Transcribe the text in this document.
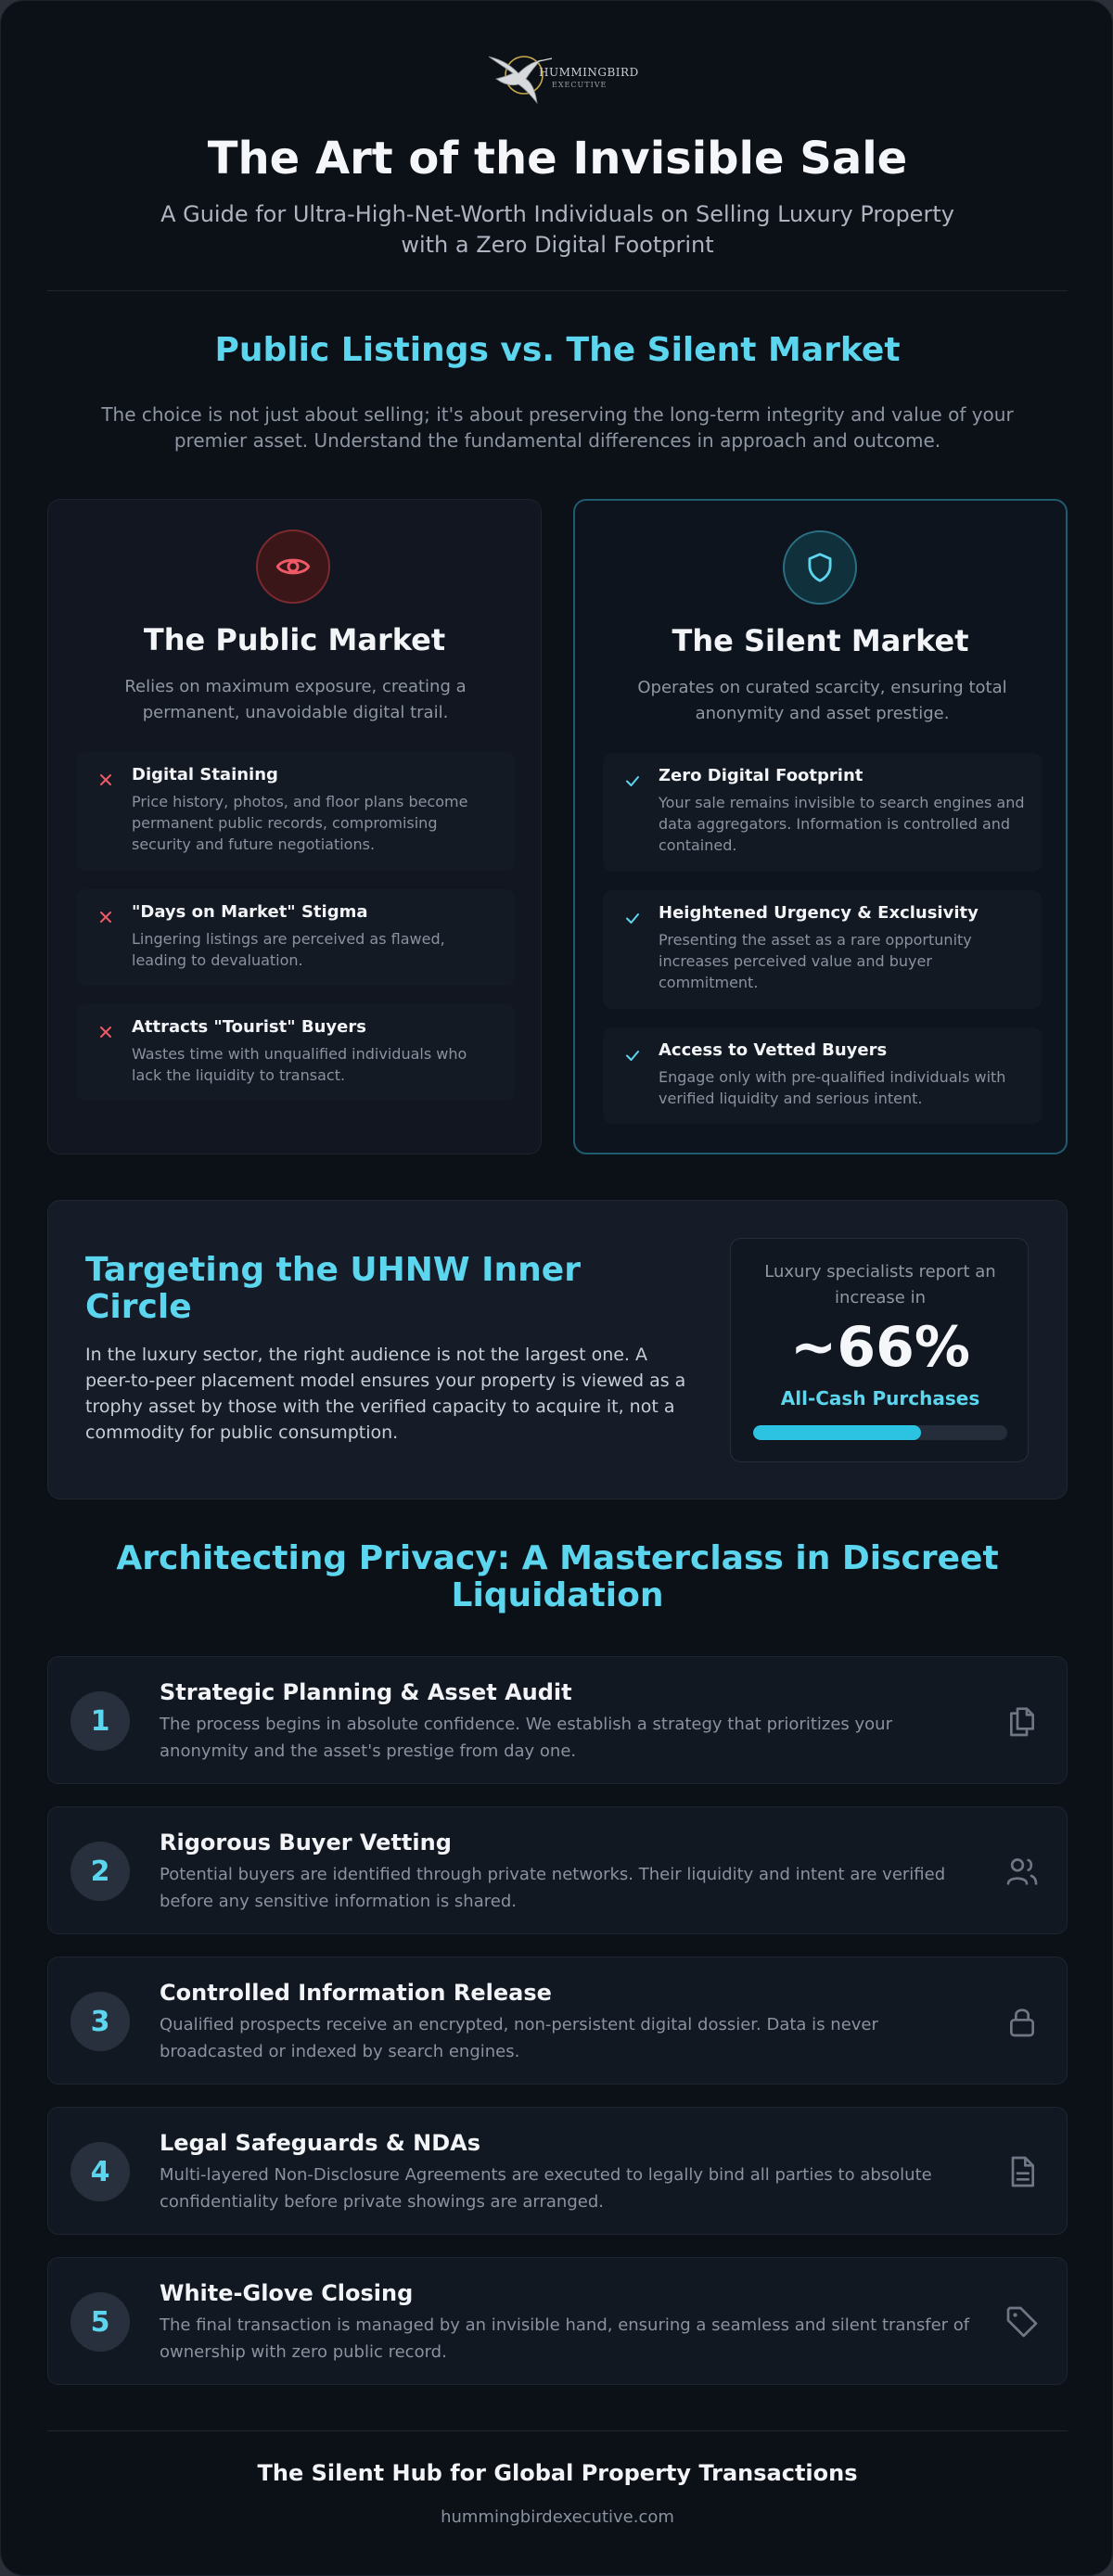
HUMMINGBIRD
EXECUTIVE
The Art of the Invisible Sale
A Guide for Ultra-High-Net-Worth Individuals on Selling Luxury Property with a Zero Digital Footprint
Public Listings vs. The Silent Market
The choice is not just about selling; it's about preserving the long-term integrity and value of your premier asset. Understand the fundamental differences in approach and outcome.
The Public Market
Relies on maximum exposure, creating a permanent, unavoidable digital trail.
Digital Staining
Price history, photos, and floor plans become permanent public records, compromising security and future negotiations.
"Days on Market" Stigma
Lingering listings are perceived as flawed, leading to devaluation.
Attracts "Tourist" Buyers
Wastes time with unqualified individuals who lack the liquidity to transact.
The Silent Market
Operates on curated scarcity, ensuring total anonymity and asset prestige.
Zero Digital Footprint
Your sale remains invisible to search engines and data aggregators. Information is controlled and contained.
Heightened Urgency & Exclusivity
Presenting the asset as a rare opportunity increases perceived value and buyer commitment.
Access to Vetted Buyers
Engage only with pre-qualified individuals with verified liquidity and serious intent.
Targeting the UHNW Inner Circle
In the luxury sector, the right audience is not the largest one. A peer-to-peer placement model ensures your property is viewed as a trophy asset by those with the verified capacity to acquire it, not a commodity for public consumption.
Luxury specialists report an increase in
~66%
All-Cash Purchases
Architecting Privacy: A Masterclass in Discreet Liquidation
1
Strategic Planning & Asset Audit
The process begins in absolute confidence. We establish a strategy that prioritizes your anonymity and the asset's prestige from day one.
2
Rigorous Buyer Vetting
Potential buyers are identified through private networks. Their liquidity and intent are verified before any sensitive information is shared.
3
Controlled Information Release
Qualified prospects receive an encrypted, non-persistent digital dossier. Data is never broadcasted or indexed by search engines.
4
Legal Safeguards & NDAs
Multi-layered Non-Disclosure Agreements are executed to legally bind all parties to absolute confidentiality before private showings are arranged.
5
White-Glove Closing
The final transaction is managed by an invisible hand, ensuring a seamless and silent transfer of ownership with zero public record.
The Silent Hub for Global Property Transactions
hummingbirdexecutive.com
